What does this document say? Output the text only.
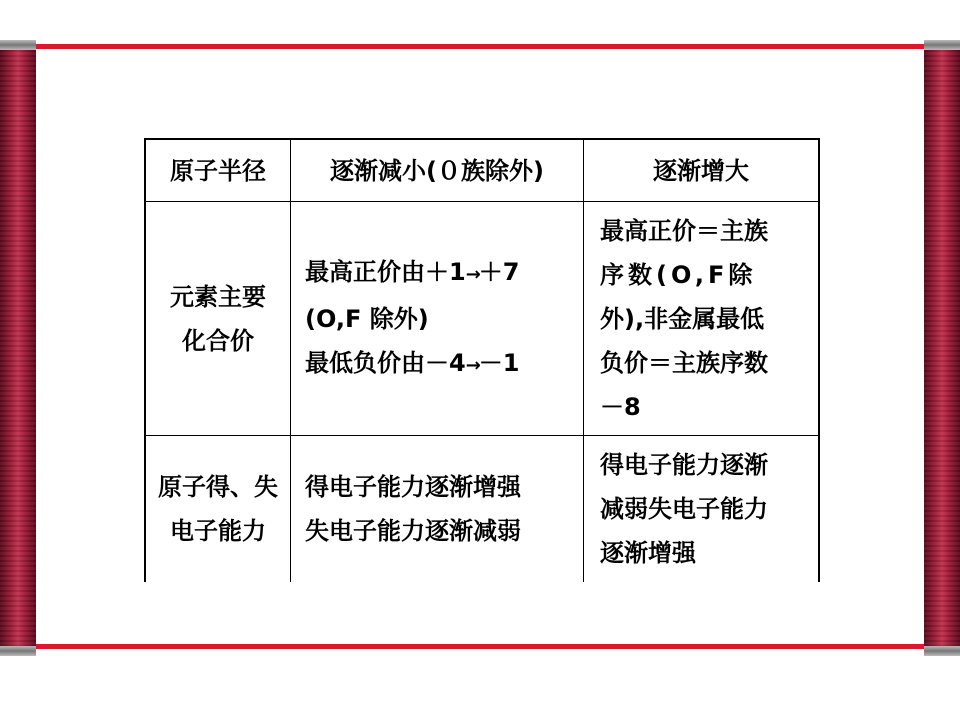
原子半径	逐渐减小(０族除外)	逐渐增大
元素主要
化合价
最高正价由＋1→＋7
(O,F 除外)
最低负价由－4→－1
最高正价＝主族
序数(O,F除
外),非金属最低
负价＝主族序数
－8
原子得、失
电子能力
得电子能力逐渐增强
失电子能力逐渐减弱
得电子能力逐渐
减弱失电子能力
逐渐增强
